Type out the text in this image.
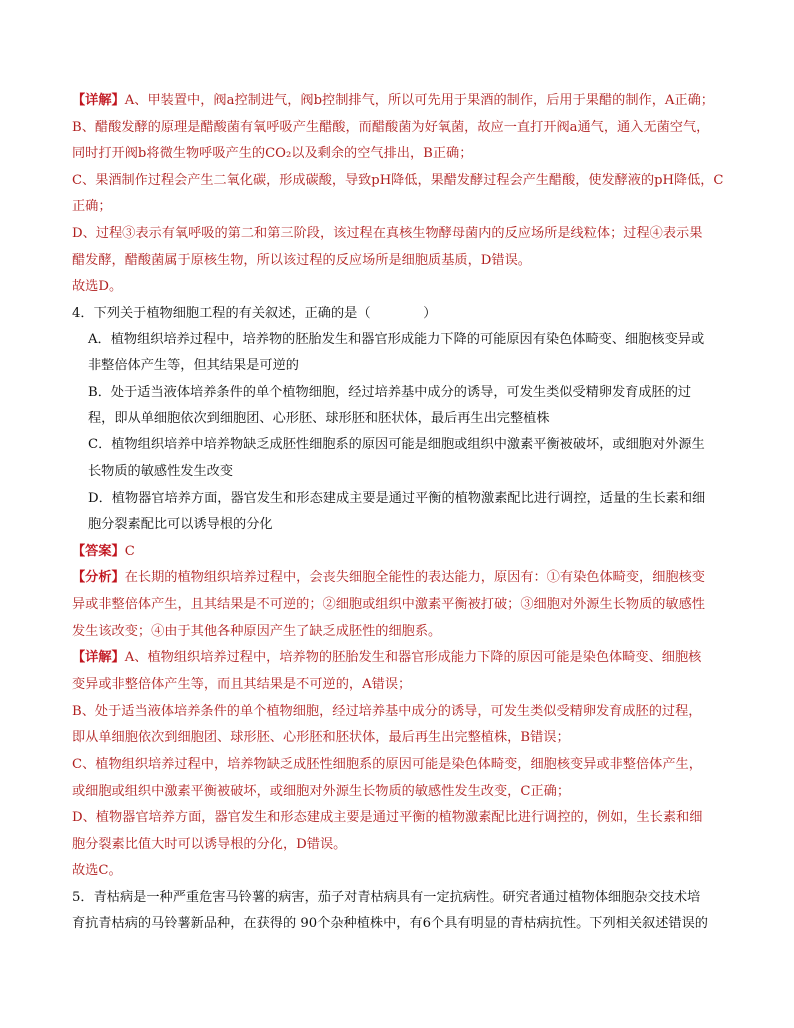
【详解】A、甲装置中，阀a控制进气，阀b控制排气，所以可先用于果酒的制作，后用于果醋的制作，A正确；
B、醋酸发酵的原理是醋酸菌有氧呼吸产生醋酸，而醋酸菌为好氧菌，故应一直打开阀a通气，通入无菌空气，
同时打开阀b将微生物呼吸产生的CO₂以及剩余的空气排出，B正确；
C、果酒制作过程会产生二氧化碳，形成碳酸，导致pH降低，果醋发酵过程会产生醋酸，使发酵液的pH降低，C
正确；
D、过程③表示有氧呼吸的第二和第三阶段，该过程在真核生物酵母菌内的反应场所是线粒体；过程④表示果
醋发酵，醋酸菌属于原核生物，所以该过程的反应场所是细胞质基质，D错误。
故选D。
4．下列关于植物细胞工程的有关叙述，正确的是（　　　　）
A．植物组织培养过程中，培养物的胚胎发生和器官形成能力下降的可能原因有染色体畸变、细胞核变异或
非整倍体产生等，但其结果是可逆的
B．处于适当液体培养条件的单个植物细胞，经过培养基中成分的诱导，可发生类似受精卵发育成胚的过
程，即从单细胞依次到细胞团、心形胚、球形胚和胚状体，最后再生出完整植株
C．植物组织培养中培养物缺乏成胚性细胞系的原因可能是细胞或组织中激素平衡被破坏，或细胞对外源生
长物质的敏感性发生改变
D．植物器官培养方面，器官发生和形态建成主要是通过平衡的植物激素配比进行调控，适量的生长素和细
胞分裂素配比可以诱导根的分化
【答案】C
【分析】在长期的植物组织培养过程中，会丧失细胞全能性的表达能力，原因有：①有染色体畸变，细胞核变
异或非整倍体产生，且其结果是不可逆的；②细胞或组织中激素平衡被打破；③细胞对外源生长物质的敏感性
发生该改变；④由于其他各种原因产生了缺乏成胚性的细胞系。
【详解】A、植物组织培养过程中，培养物的胚胎发生和器官形成能力下降的原因可能是染色体畸变、细胞核
变异或非整倍体产生等，而且其结果是不可逆的，A错误；
B、处于适当液体培养条件的单个植物细胞，经过培养基中成分的诱导，可发生类似受精卵发育成胚的过程，
即从单细胞依次到细胞团、球形胚、心形胚和胚状体，最后再生出完整植株，B错误；
C、植物组织培养过程中，培养物缺乏成胚性细胞系的原因可能是染色体畸变，细胞核变异或非整倍体产生，
或细胞或组织中激素平衡被破坏，或细胞对外源生长物质的敏感性发生改变，C正确；
D、植物器官培养方面，器官发生和形态建成主要是通过平衡的植物激素配比进行调控的，例如，生长素和细
胞分裂素比值大时可以诱导根的分化，D错误。
故选C。
5．青枯病是一种严重危害马铃薯的病害，茄子对青枯病具有一定抗病性。研究者通过植物体细胞杂交技术培
育抗青枯病的马铃薯新品种，在获得的 90个杂种植株中，有6个具有明显的青枯病抗性。下列相关叙述错误的
